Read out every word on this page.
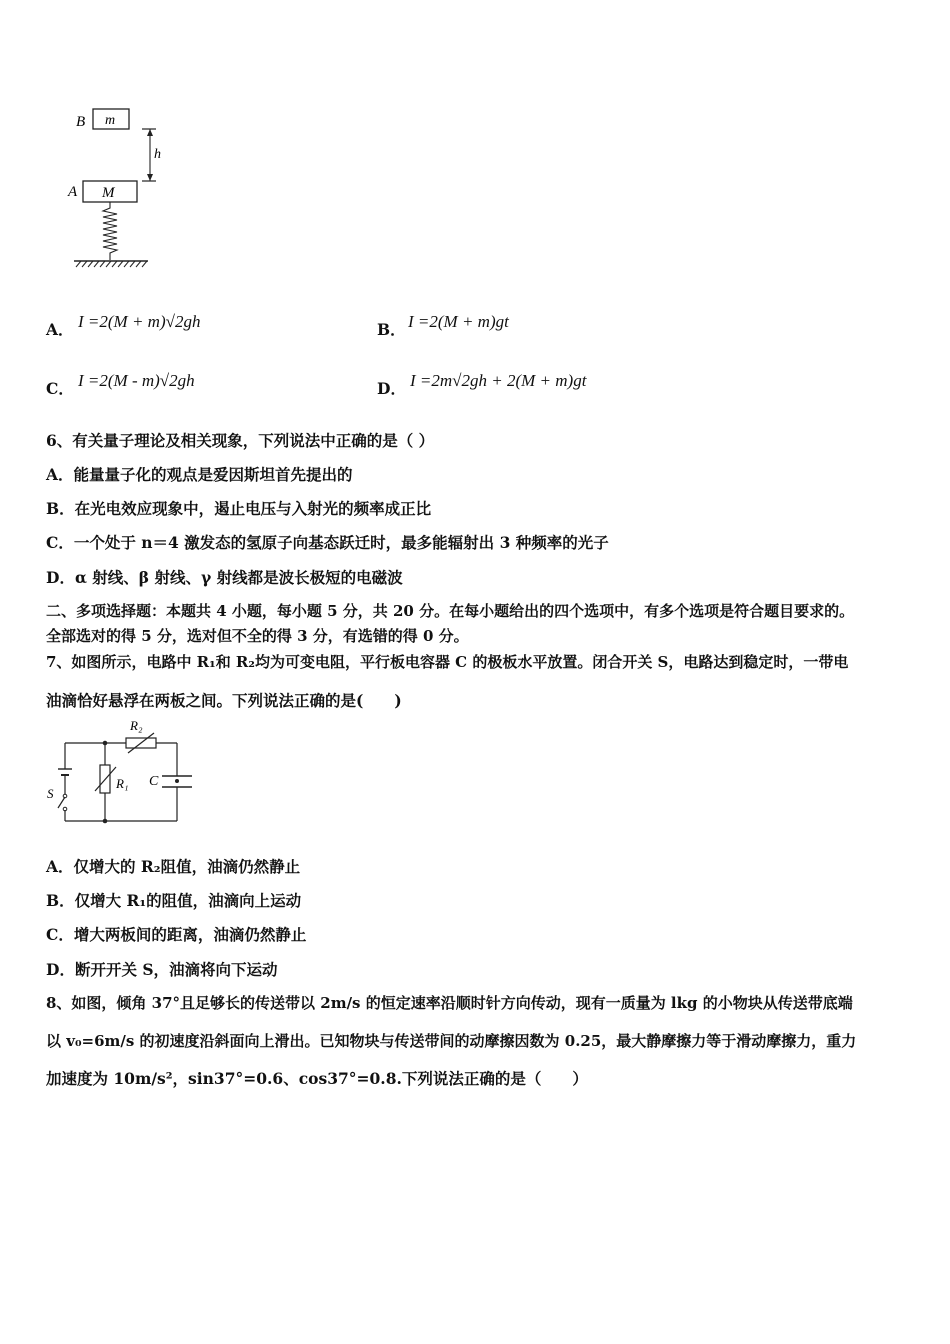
B m
h
A M
A． I =2(M + m)√2gh	B． I =2(M + m)gt
C． I =2(M - m)√2gh	D． I =2m√2gh + 2(M + m)gt
6、有关量子理论及相关现象，下列说法中正确的是（ ）
A．能量量子化的观点是爱因斯坦首先提出的
B．在光电效应现象中，遏止电压与入射光的频率成正比
C．一个处于 n＝4 激发态的氢原子向基态跃迁时，最多能辐射出 3 种频率的光子
D．α 射线、β 射线、γ 射线都是波长极短的电磁波
二、多项选择题：本题共 4 小题，每小题 5 分，共 20 分。在每小题给出的四个选项中，有多个选项是符合题目要求的。
全部选对的得 5 分，选对但不全的得 3 分，有选错的得 0 分。
7、如图所示，电路中 R₁和 R₂均为可变电阻，平行板电容器 C 的极板水平放置。闭合开关 S，电路达到稳定时，一带电
油滴恰好悬浮在两板之间。下列说法正确的是(　　)
R₂
R₁ C
S
A．仅增大的 R₂阻值，油滴仍然静止
B．仅增大 R₁的阻值，油滴向上运动
C．增大两板间的距离，油滴仍然静止
D．断开开关 S，油滴将向下运动
8、如图，倾角 37°且足够长的传送带以 2m/s 的恒定速率沿顺时针方向传动，现有一质量为 lkg 的小物块从传送带底端
以 v₀=6m/s 的初速度沿斜面向上滑出。已知物块与传送带间的动摩擦因数为 0.25，最大静摩擦力等于滑动摩擦力，重力
加速度为 10m/s²，sin37°=0.6、cos37°=0.8.下列说法正确的是（　　）
